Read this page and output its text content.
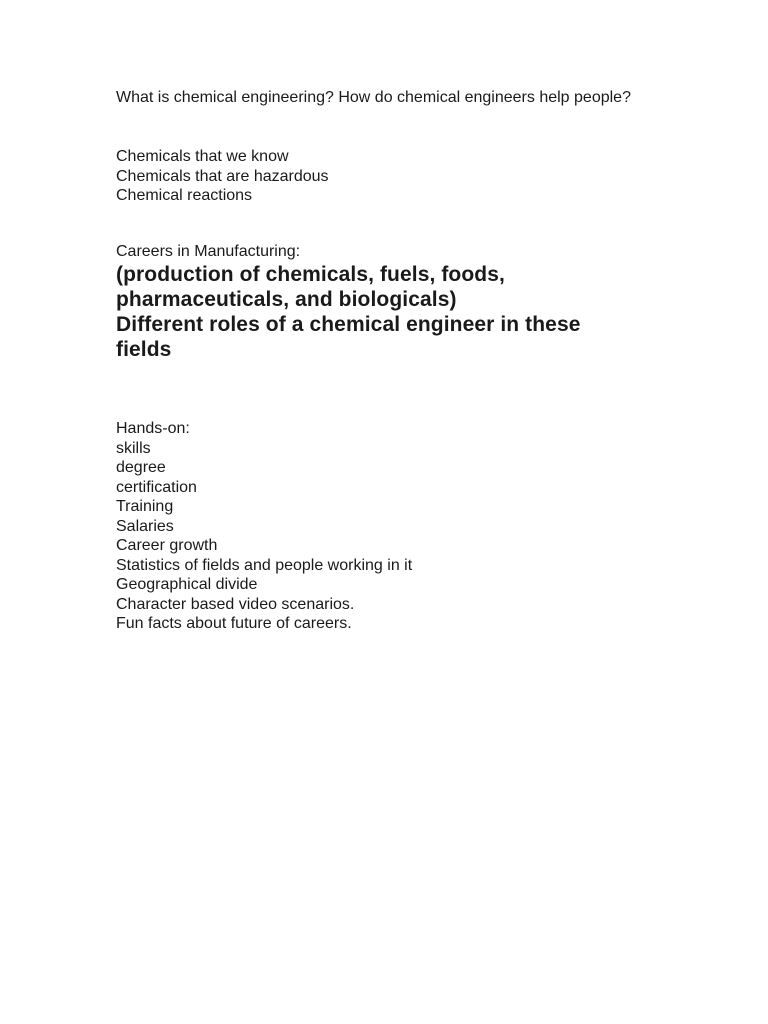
What is chemical engineering? How do chemical engineers help people?
Chemicals that we know
Chemicals that are hazardous
Chemical reactions
Careers in Manufacturing:
(production of chemicals, fuels, foods,
pharmaceuticals, and biologicals)
Different roles of a chemical engineer in these
fields
Hands-on:
skills
degree
certification
Training
Salaries
Career growth
Statistics of fields and people working in it
Geographical divide
Character based video scenarios.
Fun facts about future of careers.
